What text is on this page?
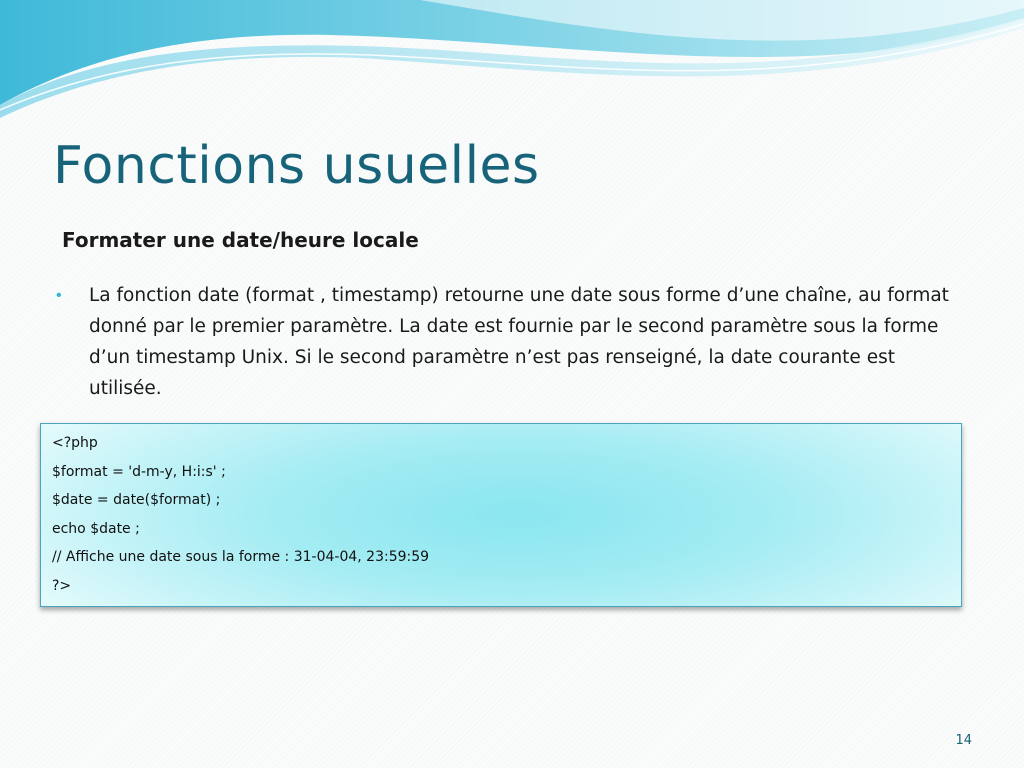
Fonctions usuelles
Formater une date/heure locale
• La fonction date (format , timestamp) retourne une date sous forme d’une chaîne, au format donné par le premier paramètre. La date est fournie par le second paramètre sous la forme d’un timestamp Unix. Si le second paramètre n’est pas renseigné, la date courante est utilisée.

<?php

$format = 'd-m-y, H:i:s' ;

$date = date($format) ;

echo $date ;

// Affiche une date sous la forme : 31-04-04, 23:59:59

?>

14
